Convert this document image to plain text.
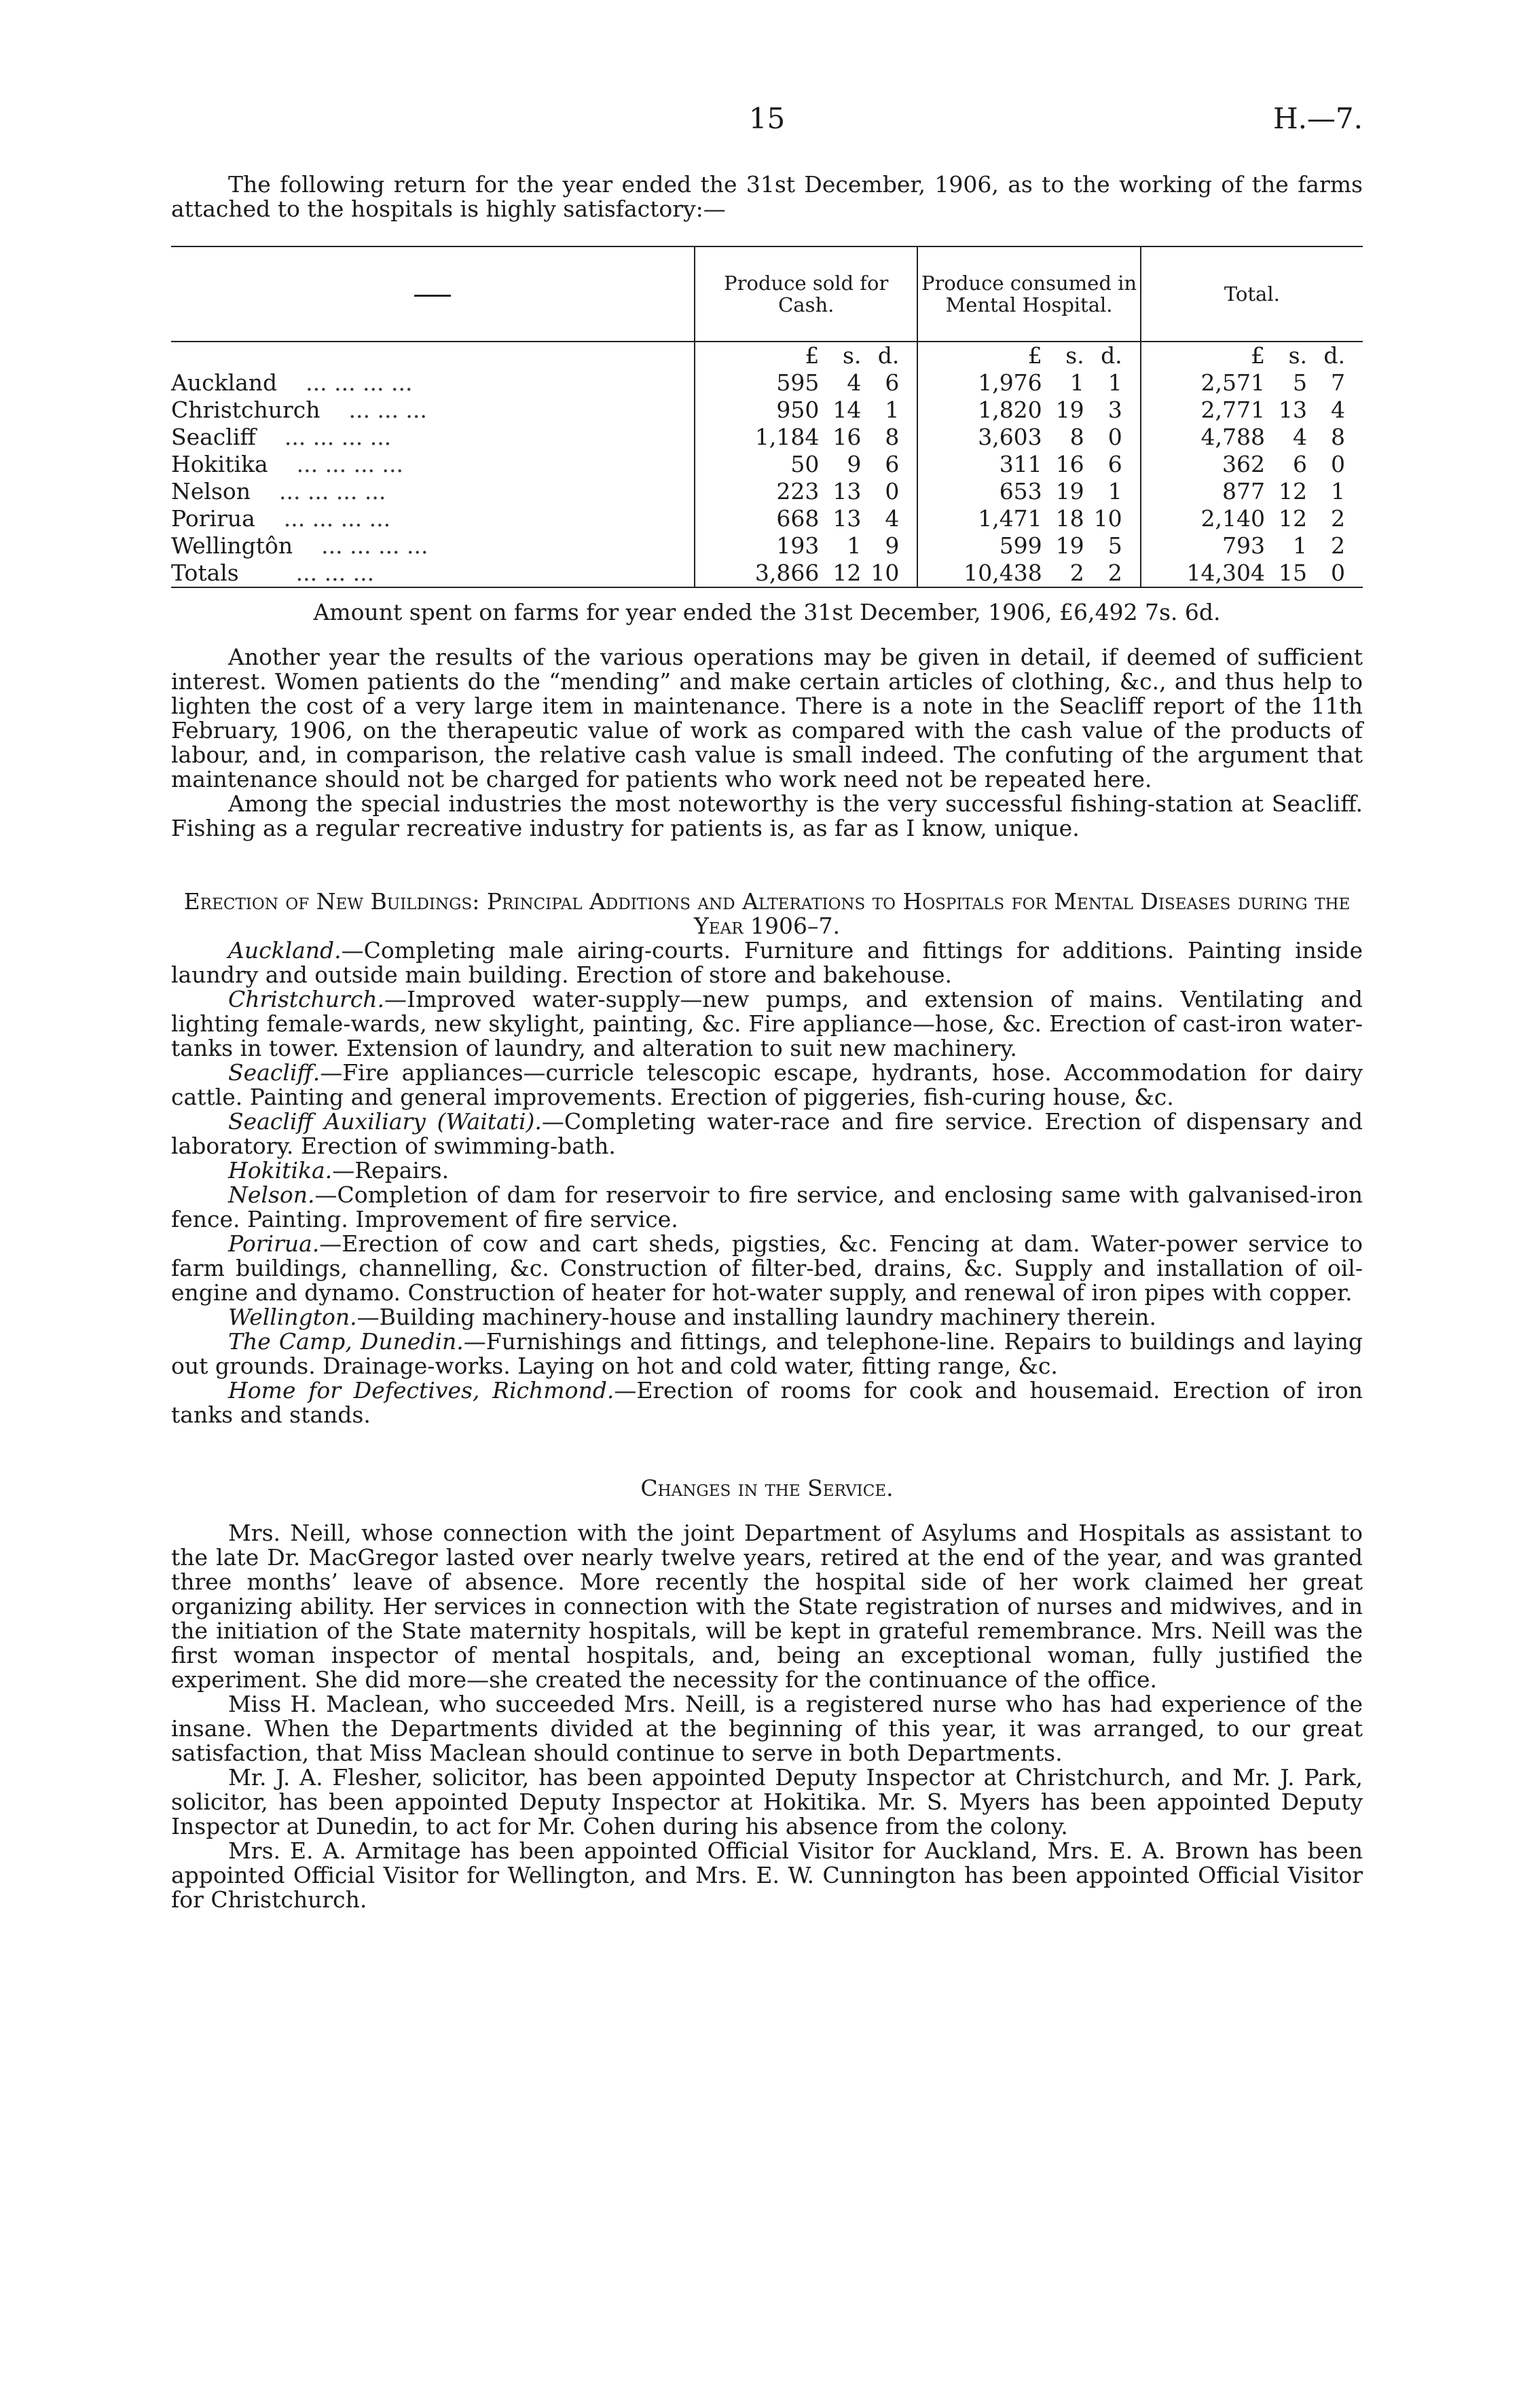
15	H.—7.

The following return for the year ended the 31st December, 1906, as to the working of the farms attached to the hospitals is highly satisfactory:—

	Produce sold for Cash.	Produce consumed in Mental Hospital.	Total.

	£ s. d.	£ s. d.	£ s. d.

Auckland ... ... ... ...	595 4 6	1,976 1 1	2,571 5 7

Christchurch ... ... ...	950 14 1	1,820 19 3	2,771 13 4

Seacliff ... ... ... ...	1,184 16 8	3,603 8 0	4,788 4 8

Hokitika ... ... ... ...	50 9 6	311 16 6	362 6 0

Nelson ... ... ... ...	223 13 0	653 19 1	877 12 1

Porirua ... ... ... ...	668 13 4	1,471 18 10	2,140 12 2

Wellingtôn ... ... ... ...	193 1 9	599 19 5	793 1 2

Totals ... ... ...	3,866 12 10	10,438 2 2	14,304 15 0

Amount spent on farms for year ended the 31st December, 1906, £6,492 7s. 6d.

Another year the results of the various operations may be given in detail, if deemed of sufficient interest. Women patients do the “mending” and make certain articles of clothing, &c., and thus help to lighten the cost of a very large item in maintenance. There is a note in the Seacliff report of the 11th February, 1906, on the therapeutic value of work as compared with the cash value of the products of labour, and, in comparison, the relative cash value is small indeed. The confuting of the argument that maintenance should not be charged for patients who work need not be repeated here.

Among the special industries the most noteworthy is the very successful fishing-station at Seacliff. Fishing as a regular recreative industry for patients is, as far as I know, unique.

Erection of New Buildings: Principal Additions and Alterations to Hospitals for Mental Diseases during the Year 1906–7.

Auckland.—Completing male airing-courts. Furniture and fittings for additions. Painting inside laundry and outside main building. Erection of store and bakehouse.

Christchurch.—Improved water-supply—new pumps, and extension of mains. Ventilating and lighting female-wards, new skylight, painting, &c. Fire appliance—hose, &c. Erection of cast-iron water-tanks in tower. Extension of laundry, and alteration to suit new machinery.

Seacliff.—Fire appliances—curricle telescopic escape, hydrants, hose. Accommodation for dairy cattle. Painting and general improvements. Erection of piggeries, fish-curing house, &c.

Seacliff Auxiliary (Waitati).—Completing water-race and fire service. Erection of dispensary and laboratory. Erection of swimming-bath.

Hokitika.—Repairs.

Nelson.—Completion of dam for reservoir to fire service, and enclosing same with galvanised-iron fence. Painting. Improvement of fire service.

Porirua.—Erection of cow and cart sheds, pigsties, &c. Fencing at dam. Water-power service to farm buildings, channelling, &c. Construction of filter-bed, drains, &c. Supply and installation of oil-engine and dynamo. Construction of heater for hot-water supply, and renewal of iron pipes with copper.

Wellington.—Building machinery-house and installing laundry machinery therein.

The Camp, Dunedin.—Furnishings and fittings, and telephone-line. Repairs to buildings and laying out grounds. Drainage-works. Laying on hot and cold water, fitting range, &c.

Home for Defectives, Richmond.—Erection of rooms for cook and housemaid. Erection of iron tanks and stands.

Changes in the Service.

Mrs. Neill, whose connection with the joint Department of Asylums and Hospitals as assistant to the late Dr. MacGregor lasted over nearly twelve years, retired at the end of the year, and was granted three months’ leave of absence. More recently the hospital side of her work claimed her great organizing ability. Her services in connection with the State registration of nurses and midwives, and in the initiation of the State maternity hospitals, will be kept in grateful remembrance. Mrs. Neill was the first woman inspector of mental hospitals, and, being an exceptional woman, fully justified the experiment. She did more—she created the necessity for the continuance of the office.

Miss H. Maclean, who succeeded Mrs. Neill, is a registered nurse who has had experience of the insane. When the Departments divided at the beginning of this year, it was arranged, to our great satisfaction, that Miss Maclean should continue to serve in both Departments.

Mr. J. A. Flesher, solicitor, has been appointed Deputy Inspector at Christchurch, and Mr. J. Park, solicitor, has been appointed Deputy Inspector at Hokitika. Mr. S. Myers has been appointed Deputy Inspector at Dunedin, to act for Mr. Cohen during his absence from the colony.

Mrs. E. A. Armitage has been appointed Official Visitor for Auckland, Mrs. E. A. Brown has been appointed Official Visitor for Wellington, and Mrs. E. W. Cunnington has been appointed Official Visitor for Christchurch.
